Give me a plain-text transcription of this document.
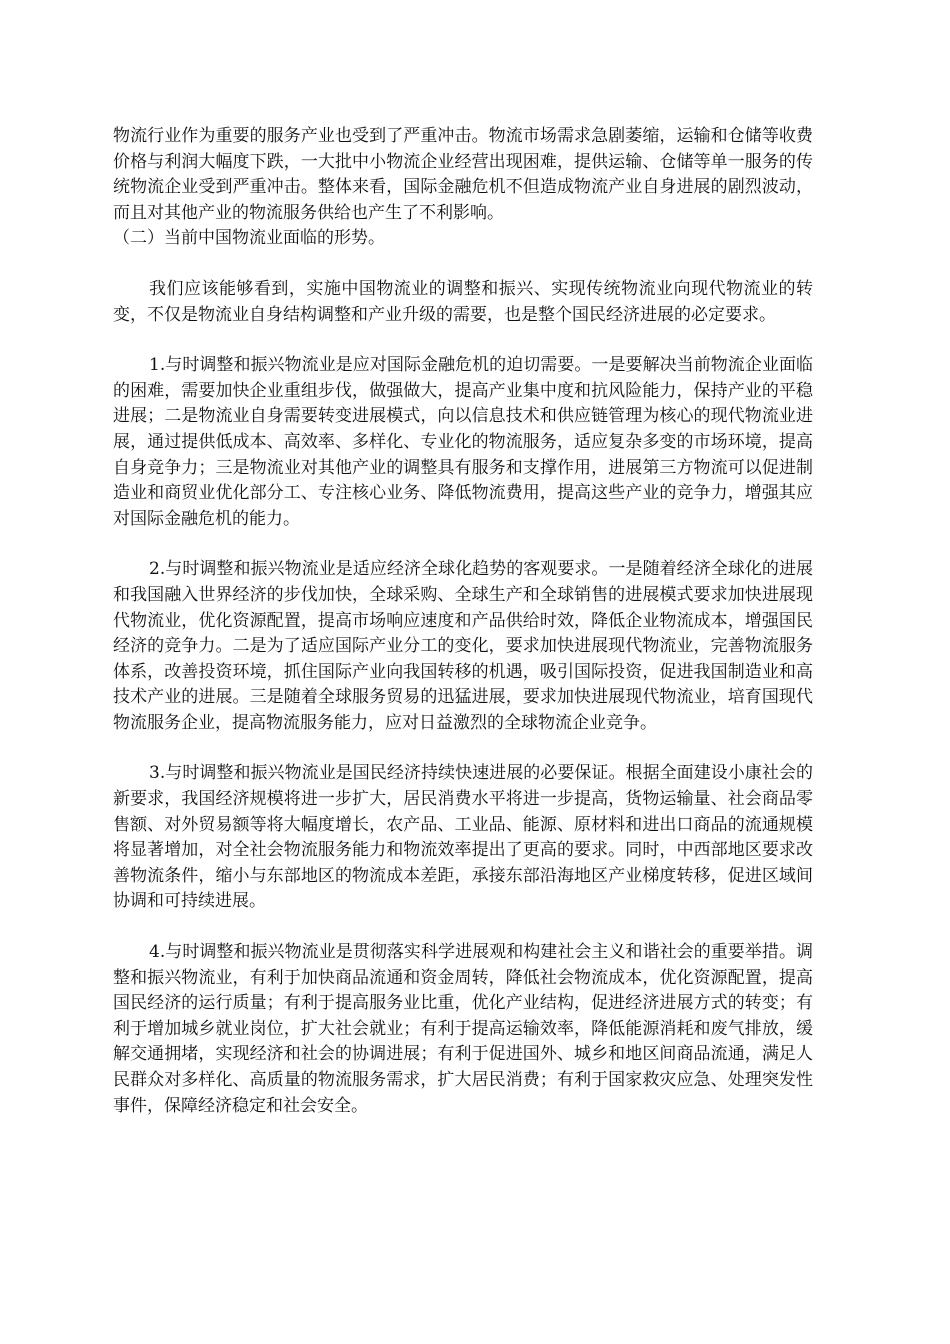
物流行业作为重要的服务产业也受到了严重冲击。物流市场需求急剧萎缩，运输和仓储等收费价格与利润大幅度下跌，一大批中小物流企业经营出现困难，提供运输、仓储等单一服务的传统物流企业受到严重冲击。整体来看，国际金融危机不但造成物流产业自身进展的剧烈波动，而且对其他产业的物流服务供给也产生了不利影响。

（二）当前中国物流业面临的形势。

我们应该能够看到，实施中国物流业的调整和振兴、实现传统物流业向现代物流业的转变，不仅是物流业自身结构调整和产业升级的需要，也是整个国民经济进展的必定要求。

1.与时调整和振兴物流业是应对国际金融危机的迫切需要。一是要解决当前物流企业面临的困难，需要加快企业重组步伐，做强做大，提高产业集中度和抗风险能力，保持产业的平稳进展；二是物流业自身需要转变进展模式，向以信息技术和供应链管理为核心的现代物流业进展，通过提供低成本、高效率、多样化、专业化的物流服务，适应复杂多变的市场环境，提高自身竞争力；三是物流业对其他产业的调整具有服务和支撑作用，进展第三方物流可以促进制造业和商贸业优化部分工、专注核心业务、降低物流费用，提高这些产业的竞争力，增强其应对国际金融危机的能力。

2.与时调整和振兴物流业是适应经济全球化趋势的客观要求。一是随着经济全球化的进展和我国融入世界经济的步伐加快，全球采购、全球生产和全球销售的进展模式要求加快进展现代物流业，优化资源配置，提高市场响应速度和产品供给时效，降低企业物流成本，增强国民经济的竞争力。二是为了适应国际产业分工的变化，要求加快进展现代物流业，完善物流服务体系，改善投资环境，抓住国际产业向我国转移的机遇，吸引国际投资，促进我国制造业和高技术产业的进展。三是随着全球服务贸易的迅猛进展，要求加快进展现代物流业，培育国现代物流服务企业，提高物流服务能力，应对日益激烈的全球物流企业竞争。

3.与时调整和振兴物流业是国民经济持续快速进展的必要保证。根据全面建设小康社会的新要求，我国经济规模将进一步扩大，居民消费水平将进一步提高，货物运输量、社会商品零售额、对外贸易额等将大幅度增长，农产品、工业品、能源、原材料和进出口商品的流通规模将显著增加，对全社会物流服务能力和物流效率提出了更高的要求。同时，中西部地区要求改善物流条件，缩小与东部地区的物流成本差距，承接东部沿海地区产业梯度转移，促进区域间协调和可持续进展。

4.与时调整和振兴物流业是贯彻落实科学进展观和构建社会主义和谐社会的重要举措。调整和振兴物流业，有利于加快商品流通和资金周转，降低社会物流成本，优化资源配置，提高国民经济的运行质量；有利于提高服务业比重，优化产业结构，促进经济进展方式的转变；有利于增加城乡就业岗位，扩大社会就业；有利于提高运输效率，降低能源消耗和废气排放，缓解交通拥堵，实现经济和社会的协调进展；有利于促进国外、城乡和地区间商品流通，满足人民群众对多样化、高质量的物流服务需求，扩大居民消费；有利于国家救灾应急、处理突发性事件，保障经济稳定和社会安全。
